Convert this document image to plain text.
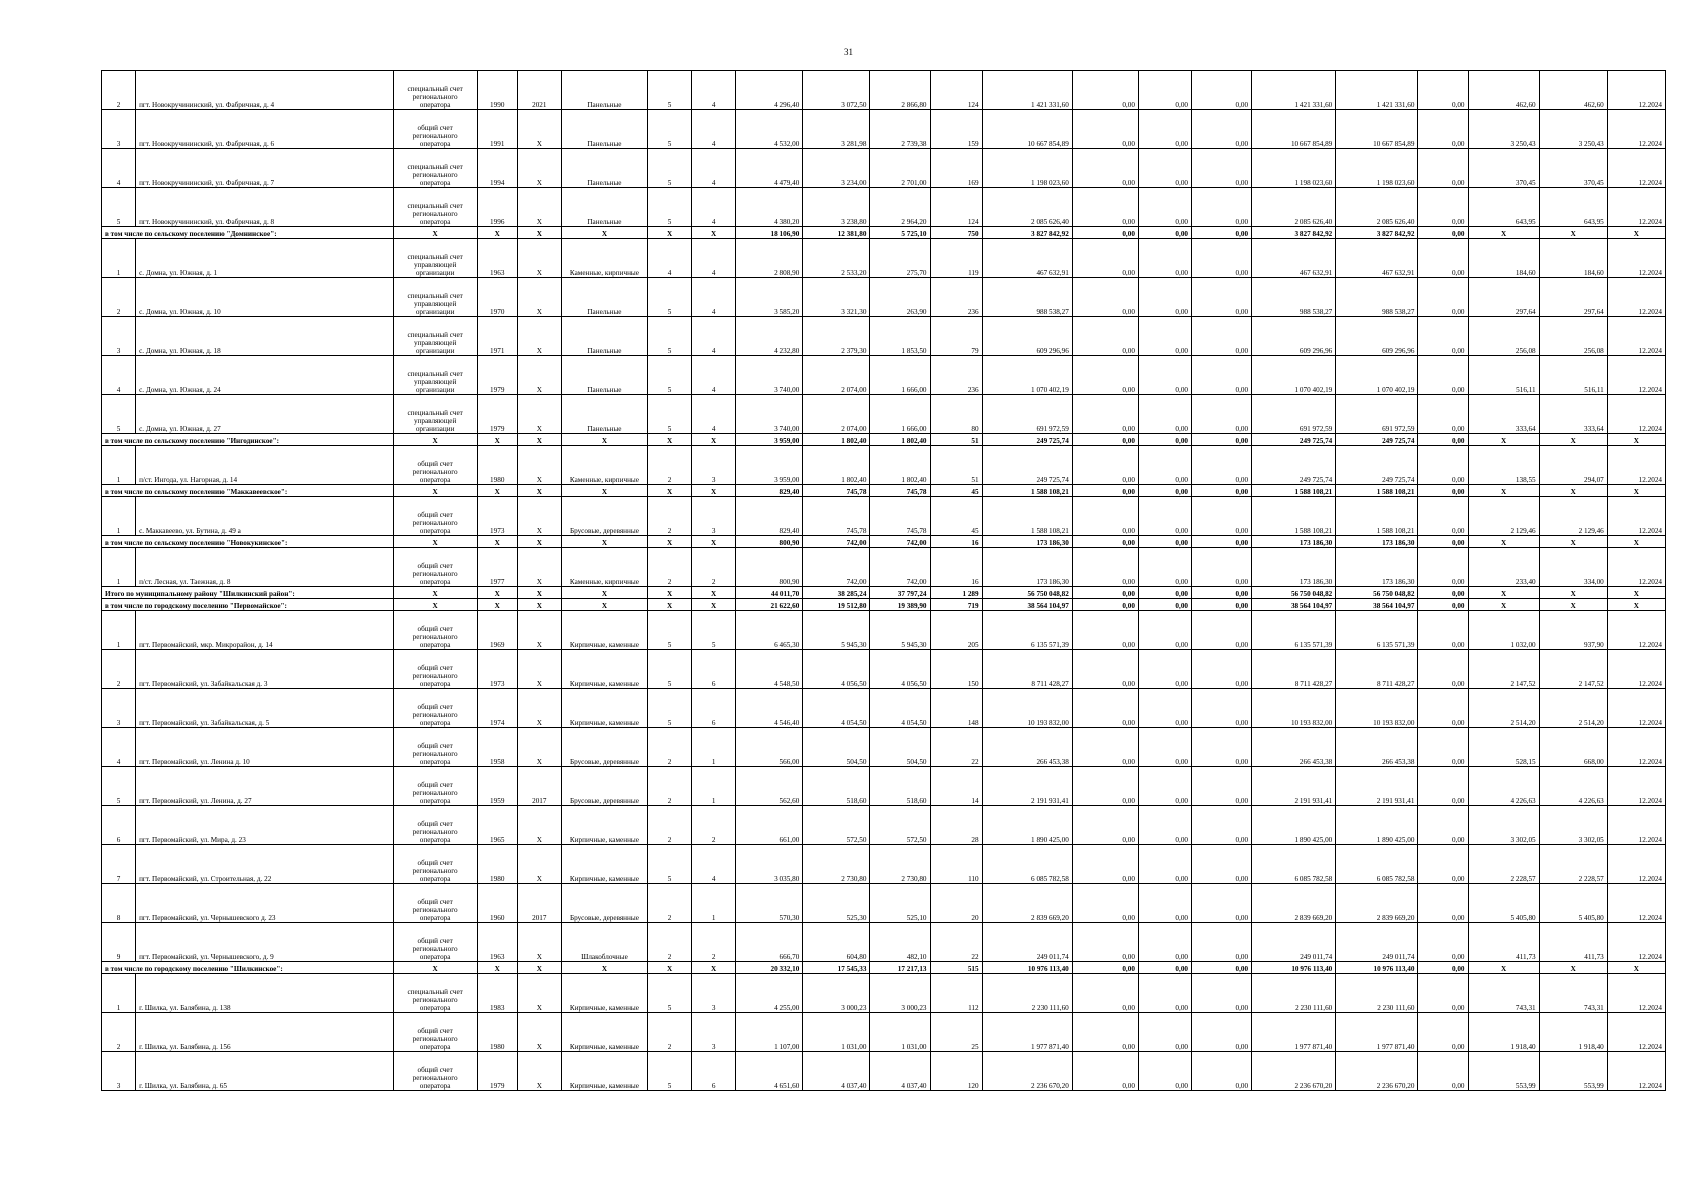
31
2	пгт. Новокручининский, ул. Фабричная, д. 4	специальный счет регионального оператора	1990	2021	Панельные	5	4	4 296,40	3 072,50	2 866,80	124	1 421 331,60	0,00	0,00	0,00	1 421 331,60	1 421 331,60	0,00	462,60	462,60	12.2024
3	пгт. Новокручининский, ул. Фабричная, д. 6	общий счет регионального оператора	1991	Х	Панельные	5	4	4 532,00	3 281,98	2 739,38	159	10 667 854,89	0,00	0,00	0,00	10 667 854,89	10 667 854,89	0,00	3 250,43	3 250,43	12.2024
4	пгт. Новокручининский, ул. Фабричная, д. 7	специальный счет регионального оператора	1994	Х	Панельные	5	4	4 479,40	3 234,00	2 701,00	169	1 198 023,60	0,00	0,00	0,00	1 198 023,60	1 198 023,60	0,00	370,45	370,45	12.2024
5	пгт. Новокручининский, ул. Фабричная, д. 8	специальный счет регионального оператора	1996	Х	Панельные	5	4	4 380,20	3 238,80	2 964,20	124	2 085 626,40	0,00	0,00	0,00	2 085 626,40	2 085 626,40	0,00	643,95	643,95	12.2024
в том числе по сельскому поселению "Домнинское":		Х	Х	Х	Х	Х	Х	18 106,90	12 381,80	5 725,10	750	3 827 842,92	0,00	0,00	0,00	3 827 842,92	3 827 842,92	0,00	Х	Х	Х
1	с. Домна, ул. Южная, д. 1	специальный счет управляющей организации	1963	Х	Каменные, кирпичные	4	4	2 808,90	2 533,20	275,70	119	467 632,91	0,00	0,00	0,00	467 632,91	467 632,91	0,00	184,60	184,60	12.2024
2	с. Домна, ул. Южная, д. 10	специальный счет управляющей организации	1970	Х	Панельные	5	4	3 585,20	3 321,30	263,90	236	988 538,27	0,00	0,00	0,00	988 538,27	988 538,27	0,00	297,64	297,64	12.2024
3	с. Домна, ул. Южная, д. 18	специальный счет управляющей организации	1971	Х	Панельные	5	4	4 232,80	2 379,30	1 853,50	79	609 296,96	0,00	0,00	0,00	609 296,96	609 296,96	0,00	256,08	256,08	12.2024
4	с. Домна, ул. Южная, д. 24	специальный счет управляющей организации	1979	Х	Панельные	5	4	3 740,00	2 074,00	1 666,00	236	1 070 402,19	0,00	0,00	0,00	1 070 402,19	1 070 402,19	0,00	516,11	516,11	12.2024
5	с. Домна, ул. Южная, д. 27	специальный счет управляющей организации	1979	Х	Панельные	5	4	3 740,00	2 074,00	1 666,00	80	691 972,59	0,00	0,00	0,00	691 972,59	691 972,59	0,00	333,64	333,64	12.2024
в том числе по сельскому поселению "Ингодинское":		Х	Х	Х	Х	Х	Х	3 959,00	1 802,40	1 802,40	51	249 725,74	0,00	0,00	0,00	249 725,74	249 725,74	0,00	Х	Х	Х
1	п/ст. Ингода, ул. Нагорная, д. 14	общий счет регионального оператора	1980	Х	Каменные, кирпичные	2	3	3 959,00	1 802,40	1 802,40	51	249 725,74	0,00	0,00	0,00	249 725,74	249 725,74	0,00	138,55	294,07	12.2024
в том числе по сельскому поселению "Маккавеевское":		Х	Х	Х	Х	Х	Х	829,40	745,78	745,78	45	1 588 108,21	0,00	0,00	0,00	1 588 108,21	1 588 108,21	0,00	Х	Х	Х
1	с. Маккавеево, ул. Бутина, д. 49 а	общий счет регионального оператора	1973	Х	Брусовые, деревянные	2	3	829,40	745,78	745,78	45	1 588 108,21	0,00	0,00	0,00	1 588 108,21	1 588 108,21	0,00	2 129,46	2 129,46	12.2024
в том числе по сельскому поселению "Новокукинское":		Х	Х	Х	Х	Х	Х	800,90	742,00	742,00	16	173 186,30	0,00	0,00	0,00	173 186,30	173 186,30	0,00	Х	Х	Х
1	п/ст. Лесная, ул. Таежная, д. 8	общий счет регионального оператора	1977	Х	Каменные, кирпичные	2	2	800,90	742,00	742,00	16	173 186,30	0,00	0,00	0,00	173 186,30	173 186,30	0,00	233,40	334,00	12.2024
Итого по муниципальному району "Шилкинский район":		Х	Х	Х	Х	Х	Х	44 011,70	38 285,24	37 797,24	1 289	56 750 048,82	0,00	0,00	0,00	56 750 048,82	56 750 048,82	0,00	Х	Х	Х
в том числе по городскому поселению "Первомайское":		Х	Х	Х	Х	Х	Х	21 622,60	19 512,80	19 389,90	719	38 564 104,97	0,00	0,00	0,00	38 564 104,97	38 564 104,97	0,00	Х	Х	Х
1	пгт. Первомайский, мкр. Микрорайон, д. 14	общий счет регионального оператора	1969	Х	Кирпичные, каменные	5	5	6 465,30	5 945,30	5 945,30	205	6 135 571,39	0,00	0,00	0,00	6 135 571,39	6 135 571,39	0,00	1 032,00	937,90	12.2024
2	пгт. Первомайский, ул. Забайкальская д. 3	общий счет регионального оператора	1973	Х	Кирпичные, каменные	5	6	4 548,50	4 056,50	4 056,50	150	8 711 428,27	0,00	0,00	0,00	8 711 428,27	8 711 428,27	0,00	2 147,52	2 147,52	12.2024
3	пгт. Первомайский, ул. Забайкальская, д. 5	общий счет регионального оператора	1974	Х	Кирпичные, каменные	5	6	4 546,40	4 054,50	4 054,50	148	10 193 832,00	0,00	0,00	0,00	10 193 832,00	10 193 832,00	0,00	2 514,20	2 514,20	12.2024
4	пгт. Первомайский, ул. Ленина д. 10	общий счет регионального оператора	1958	Х	Брусовые, деревянные	2	1	566,00	504,50	504,50	22	266 453,38	0,00	0,00	0,00	266 453,38	266 453,38	0,00	528,15	668,00	12.2024
5	пгт. Первомайский, ул. Ленина, д. 27	общий счет регионального оператора	1959	2017	Брусовые, деревянные	2	1	562,60	518,60	518,60	14	2 191 931,41	0,00	0,00	0,00	2 191 931,41	2 191 931,41	0,00	4 226,63	4 226,63	12.2024
6	пгт. Первомайский, ул. Мира, д. 23	общий счет регионального оператора	1965	Х	Кирпичные, каменные	2	2	661,00	572,50	572,50	28	1 890 425,00	0,00	0,00	0,00	1 890 425,00	1 890 425,00	0,00	3 302,05	3 302,05	12.2024
7	пгт. Первомайский, ул. Строительная, д. 22	общий счет регионального оператора	1980	Х	Кирпичные, каменные	5	4	3 035,80	2 730,80	2 730,80	110	6 085 782,58	0,00	0,00	0,00	6 085 782,58	6 085 782,58	0,00	2 228,57	2 228,57	12.2024
8	пгт. Первомайский, ул. Чернышевского д. 23	общий счет регионального оператора	1960	2017	Брусовые, деревянные	2	1	570,30	525,30	525,10	20	2 839 669,20	0,00	0,00	0,00	2 839 669,20	2 839 669,20	0,00	5 405,80	5 405,80	12.2024
9	пгт. Первомайский, ул. Чернышевского, д. 9	общий счет регионального оператора	1963	Х	Шлакоблочные	2	2	666,70	604,80	482,10	22	249 011,74	0,00	0,00	0,00	249 011,74	249 011,74	0,00	411,73	411,73	12.2024
в том числе по городскому поселению "Шилкинское":		Х	Х	Х	Х	Х	Х	20 332,10	17 545,33	17 217,13	515	10 976 113,40	0,00	0,00	0,00	10 976 113,40	10 976 113,40	0,00	Х	Х	Х
1	г. Шилка, ул. Балябина, д. 138	специальный счет регионального оператора	1983	Х	Кирпичные, каменные	5	3	4 255,00	3 000,23	3 000,23	112	2 230 111,60	0,00	0,00	0,00	2 230 111,60	2 230 111,60	0,00	743,31	743,31	12.2024
2	г. Шилка, ул. Балябина, д. 156	общий счет регионального оператора	1980	Х	Кирпичные, каменные	2	3	1 107,00	1 031,00	1 031,00	25	1 977 871,40	0,00	0,00	0,00	1 977 871,40	1 977 871,40	0,00	1 918,40	1 918,40	12.2024
3	г. Шилка, ул. Балябина, д. 65	общий счет регионального оператора	1979	Х	Кирпичные, каменные	5	6	4 651,60	4 037,40	4 037,40	120	2 236 670,20	0,00	0,00	0,00	2 236 670,20	2 236 670,20	0,00	553,99	553,99	12.2024
